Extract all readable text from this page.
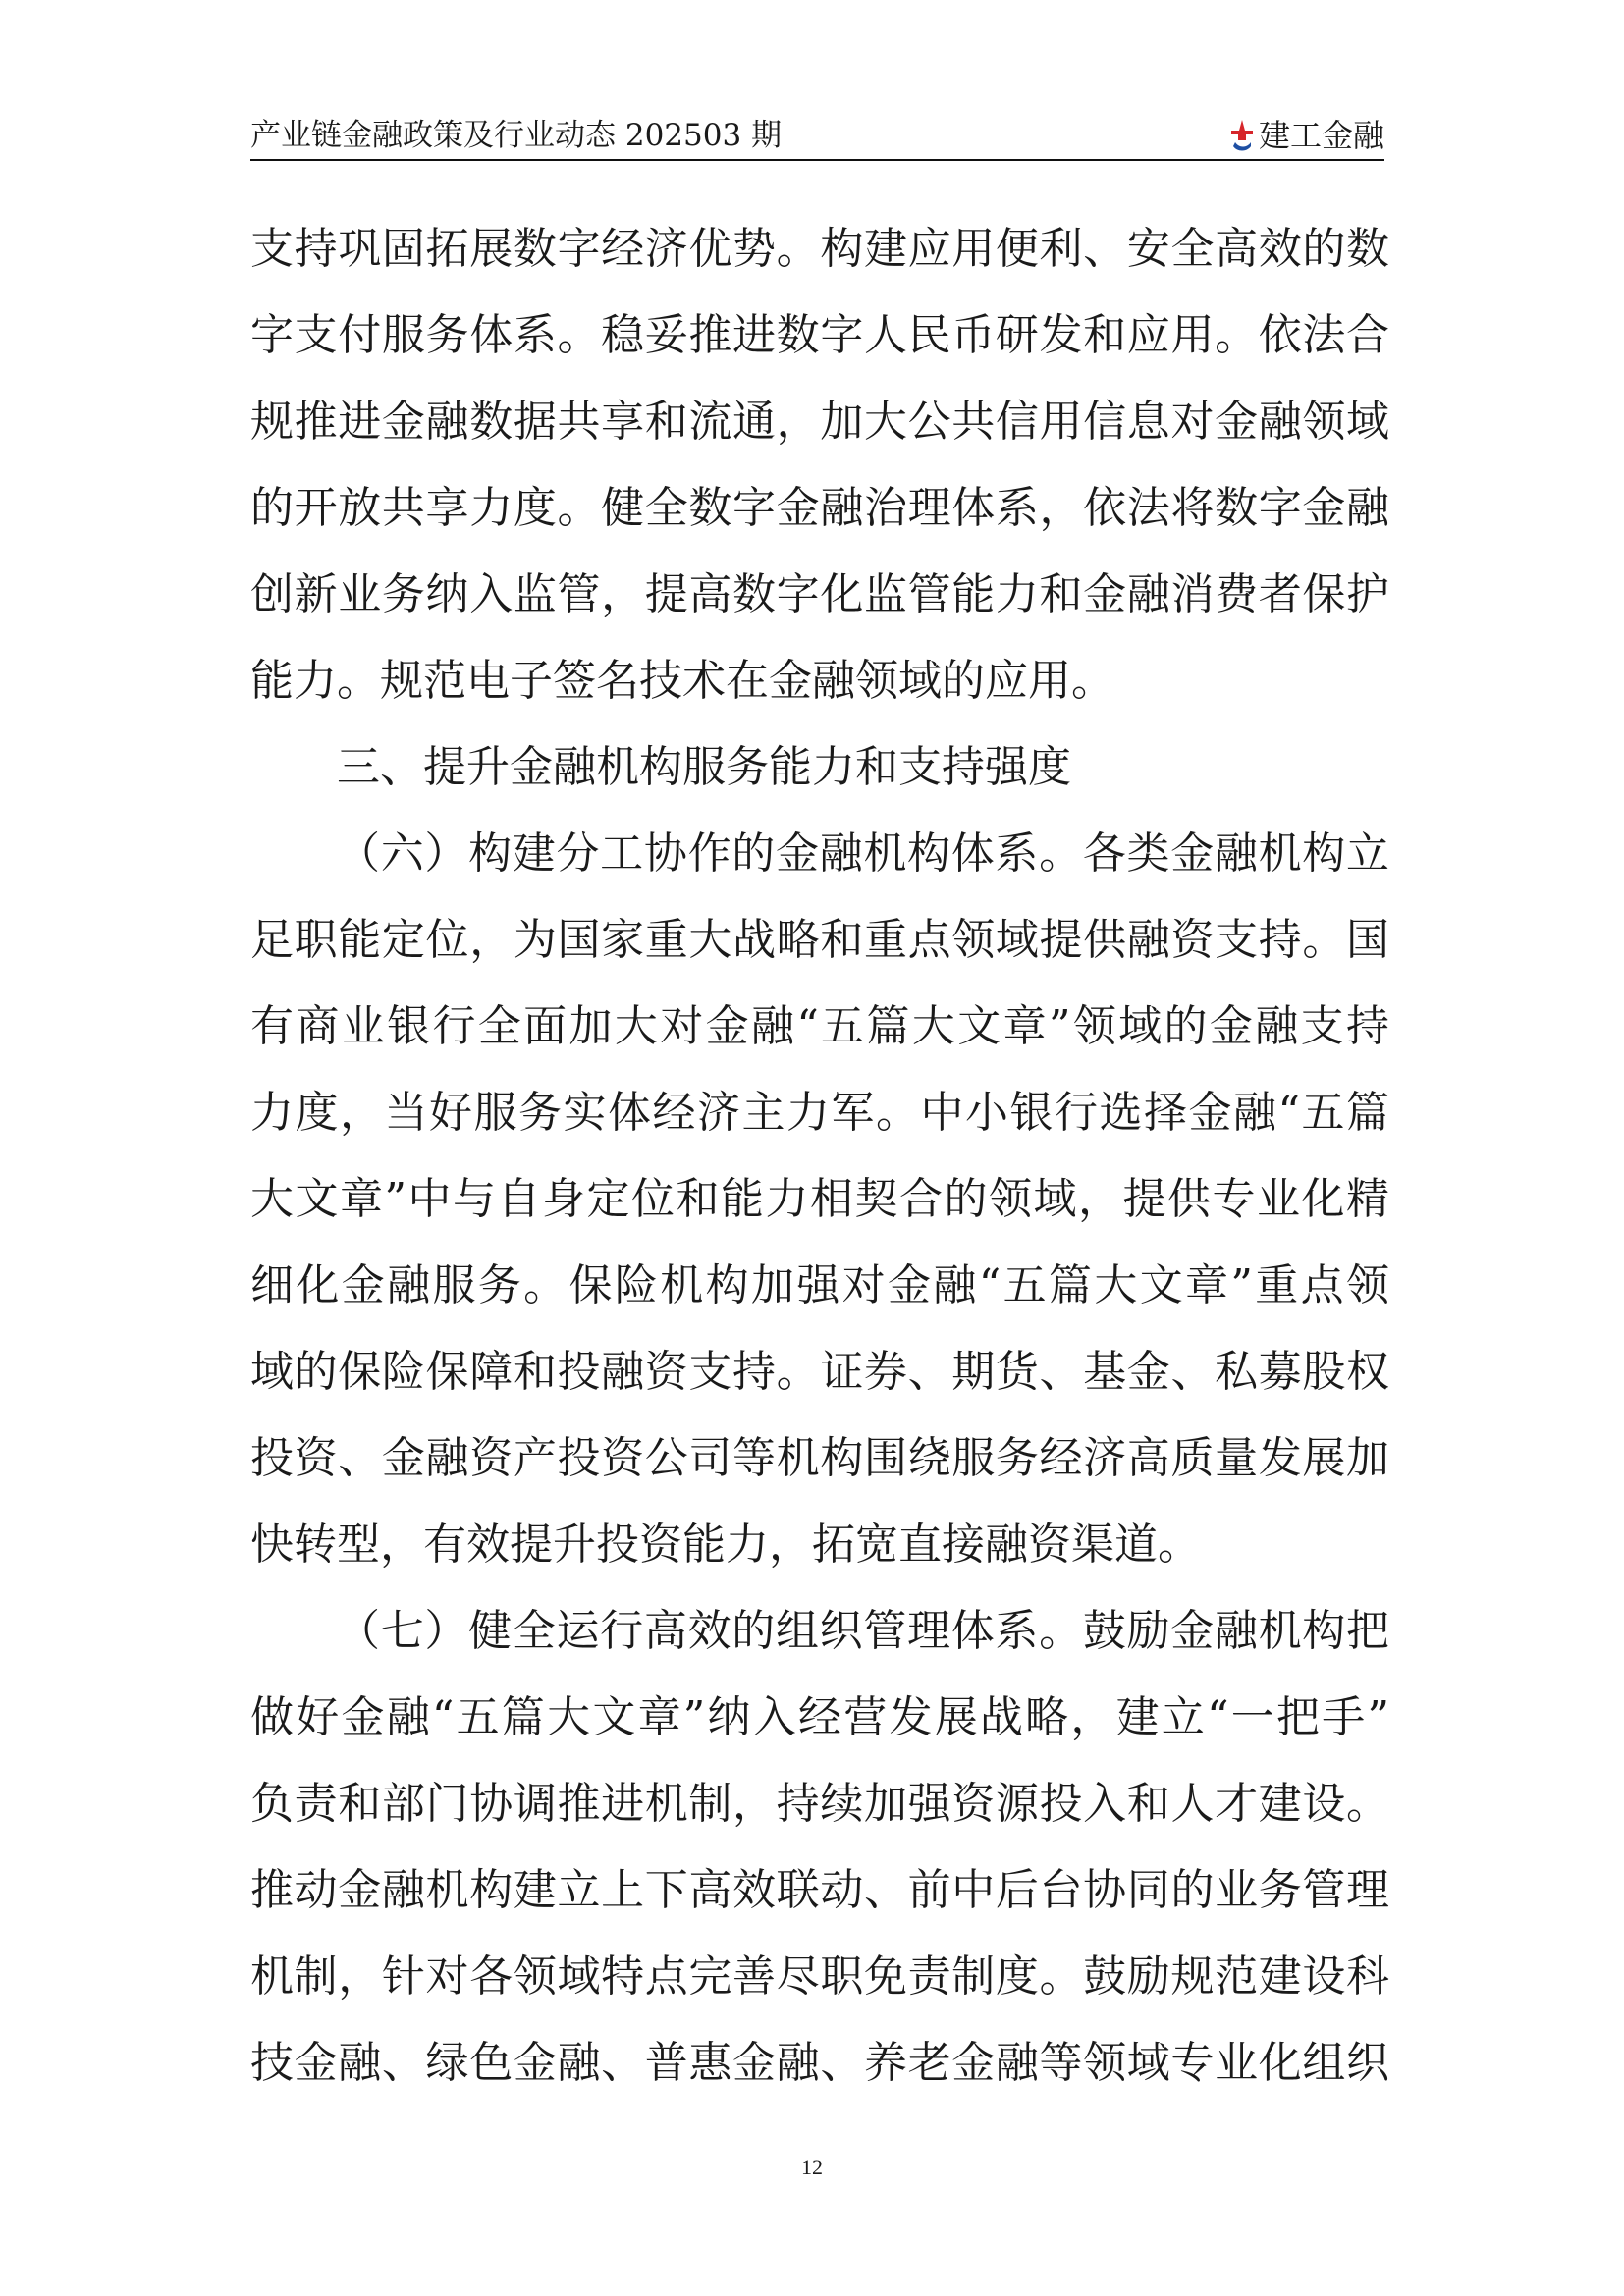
产业链金融政策及行业动态 202503 期	建工金融
支持巩固拓展数字经济优势。构建应用便利、安全高效的数
字支付服务体系。稳妥推进数字人民币研发和应用。依法合
规推进金融数据共享和流通，加大公共信用信息对金融领域
的开放共享力度。健全数字金融治理体系，依法将数字金融
创新业务纳入监管，提高数字化监管能力和金融消费者保护
能力。规范电子签名技术在金融领域的应用。
三、提升金融机构服务能力和支持强度
（六）构建分工协作的金融机构体系。各类金融机构立
足职能定位，为国家重大战略和重点领域提供融资支持。国
有商业银行全面加大对金融“五篇大文章”领域的金融支持
力度，当好服务实体经济主力军。中小银行选择金融“五篇
大文章”中与自身定位和能力相契合的领域，提供专业化精
细化金融服务。保险机构加强对金融“五篇大文章”重点领
域的保险保障和投融资支持。证券、期货、基金、私募股权
投资、金融资产投资公司等机构围绕服务经济高质量发展加
快转型，有效提升投资能力，拓宽直接融资渠道。
（七）健全运行高效的组织管理体系。鼓励金融机构把
做好金融“五篇大文章”纳入经营发展战略，建立“一把手”
负责和部门协调推进机制，持续加强资源投入和人才建设。
推动金融机构建立上下高效联动、前中后台协同的业务管理
机制，针对各领域特点完善尽职免责制度。鼓励规范建设科
技金融、绿色金融、普惠金融、养老金融等领域专业化组织
12
